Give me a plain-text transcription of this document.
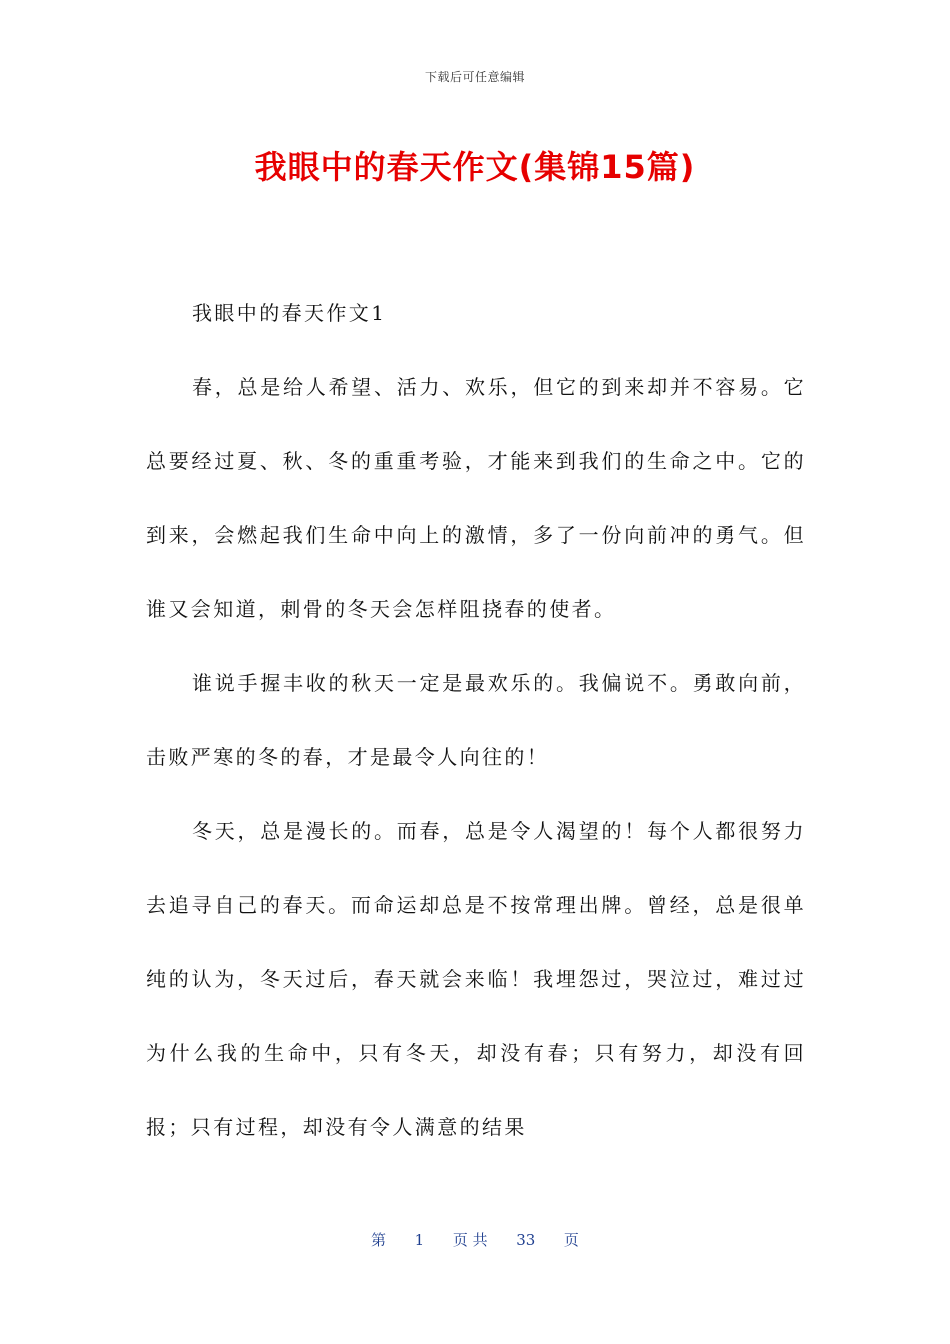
下载后可任意编辑
我眼中的春天作文(集锦15篇)

我眼中的春天作文1

春，总是给人希望、活力、欢乐，但它的到来却并不容易。它总要经过夏、秋、冬的重重考验，才能来到我们的生命之中。它的到来，会燃起我们生命中向上的激情，多了一份向前冲的勇气。但谁又会知道，刺骨的冬天会怎样阻挠春的使者。

谁说手握丰收的秋天一定是最欢乐的。我偏说不。勇敢向前，击败严寒的冬的春，才是最令人向往的！

冬天，总是漫长的。而春，总是令人渴望的！每个人都很努力去追寻自己的春天。而命运却总是不按常理出牌。曾经，总是很单纯的认为，冬天过后，春天就会来临！我埋怨过，哭泣过，难过过为什么我的生命中，只有冬天，却没有春；只有努力，却没有回报；只有过程，却没有令人满意的结果

第 1 页 共 33 页
